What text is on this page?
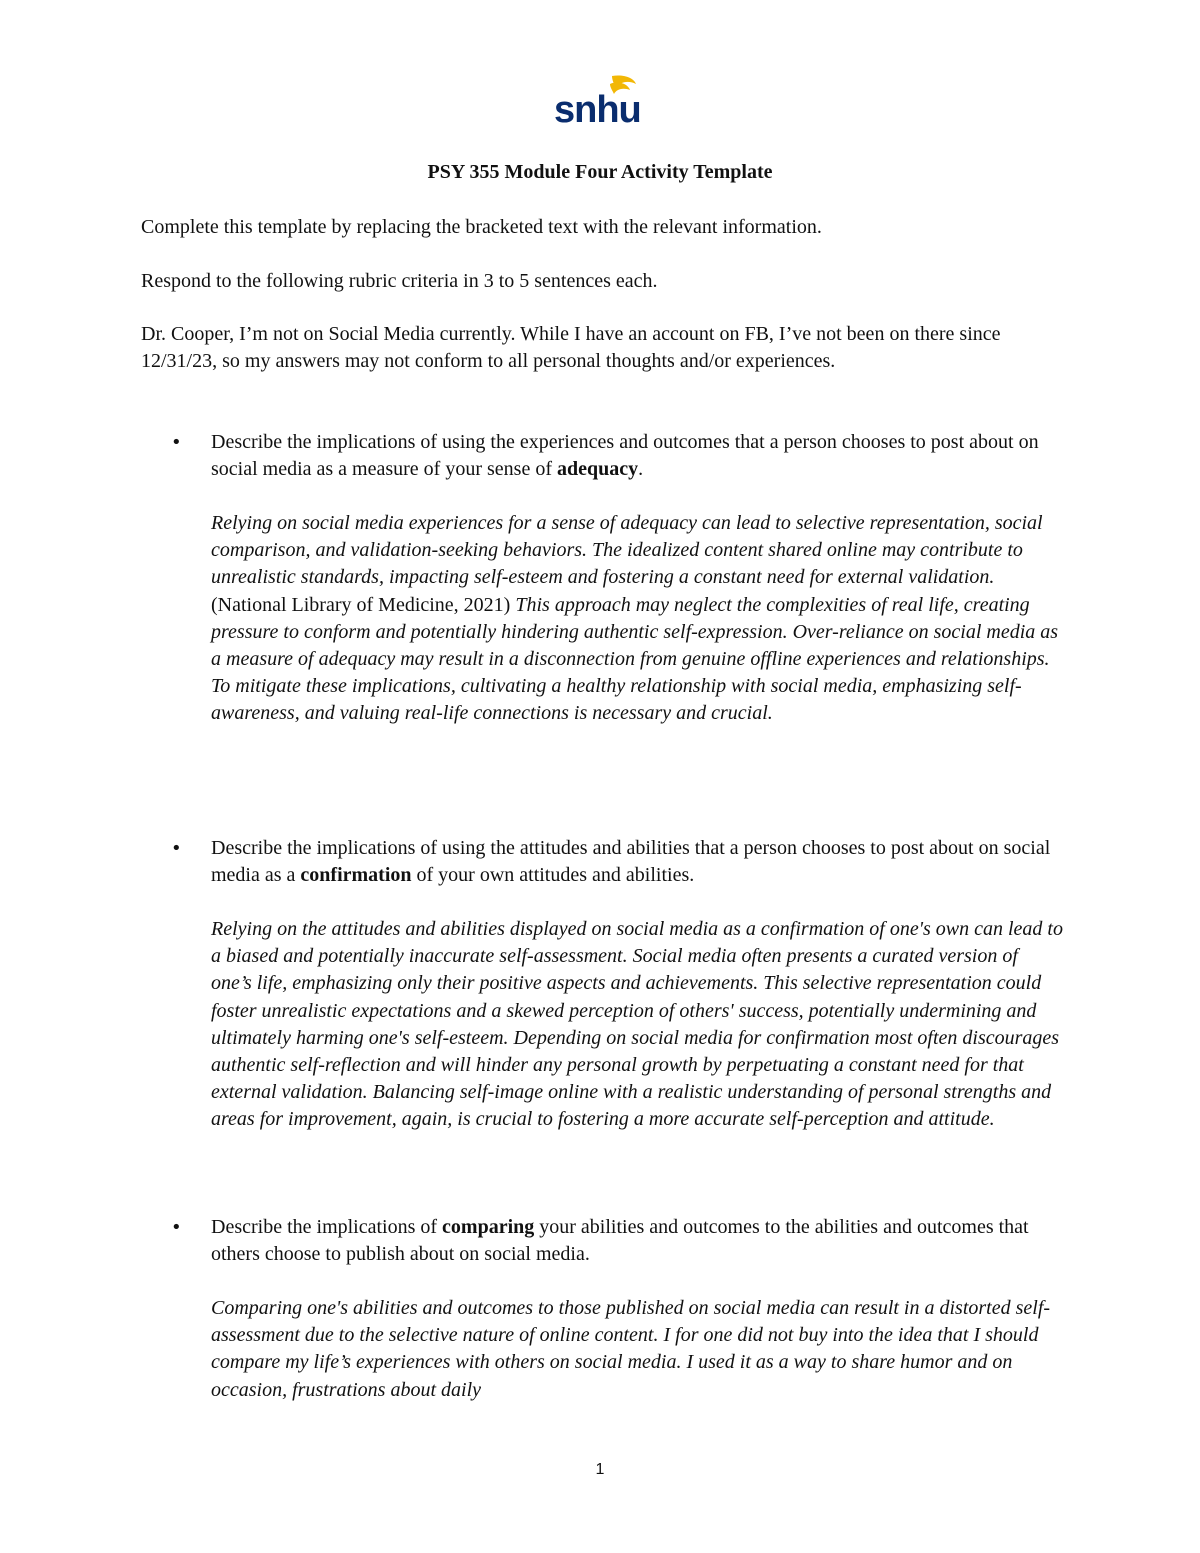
snhu
PSY 355 Module Four Activity Template

Complete this template by replacing the bracketed text with the relevant information.

Respond to the following rubric criteria in 3 to 5 sentences each.

Dr. Cooper, I’m not on Social Media currently. While I have an account on FB, I’ve not been on there since 12/31/23, so my answers may not conform to all personal thoughts and/or experiences.

• Describe the implications of using the experiences and outcomes that a person chooses to post about on social media as a measure of your sense of adequacy.

Relying on social media experiences for a sense of adequacy can lead to selective representation, social comparison, and validation-seeking behaviors. The idealized content shared online may contribute to unrealistic standards, impacting self-esteem and fostering a constant need for external validation. (National Library of Medicine, 2021) This approach may neglect the complexities of real life, creating pressure to conform and potentially hindering authentic self-expression. Over-reliance on social media as a measure of adequacy may result in a disconnection from genuine offline experiences and relationships. To mitigate these implications, cultivating a healthy relationship with social media, emphasizing self-awareness, and valuing real-life connections is necessary and crucial.

• Describe the implications of using the attitudes and abilities that a person chooses to post about on social media as a confirmation of your own attitudes and abilities.

Relying on the attitudes and abilities displayed on social media as a confirmation of one's own can lead to a biased and potentially inaccurate self-assessment. Social media often presents a curated version of one’s life, emphasizing only their positive aspects and achievements. This selective representation could foster unrealistic expectations and a skewed perception of others' success, potentially undermining and ultimately harming one's self-esteem. Depending on social media for confirmation most often discourages authentic self-reflection and will hinder any personal growth by perpetuating a constant need for that external validation. Balancing self-image online with a realistic understanding of personal strengths and areas for improvement, again, is crucial to fostering a more accurate self-perception and attitude.

• Describe the implications of comparing your abilities and outcomes to the abilities and outcomes that others choose to publish about on social media.

Comparing one's abilities and outcomes to those published on social media can result in a distorted self-assessment due to the selective nature of online content. I for one did not buy into the idea that I should compare my life’s experiences with others on social media. I used it as a way to share humor and on occasion, frustrations about daily

1
